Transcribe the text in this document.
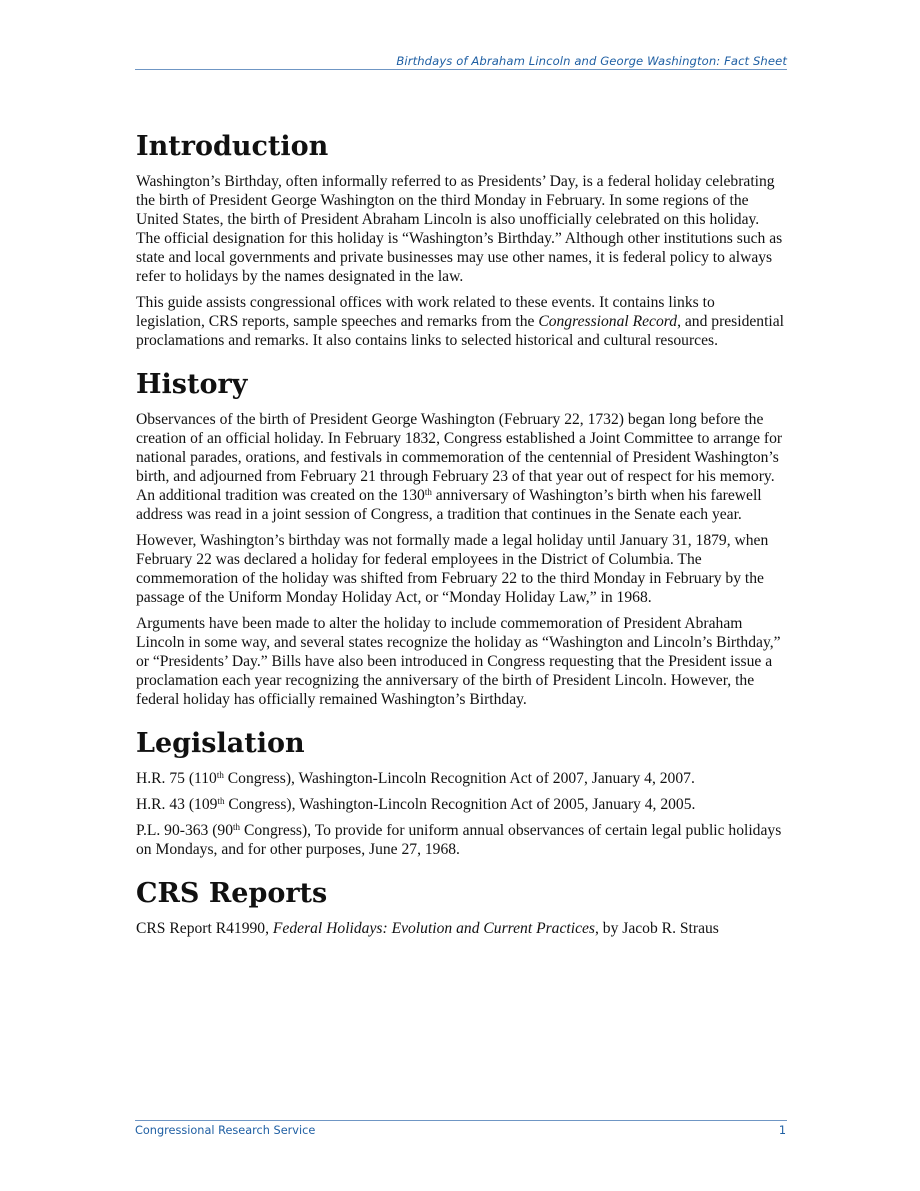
Birthdays of Abraham Lincoln and George Washington: Fact Sheet
Introduction

Washington’s Birthday, often informally referred to as Presidents’ Day, is a federal holiday celebrating the birth of President George Washington on the third Monday in February. In some regions of the United States, the birth of President Abraham Lincoln is also unofficially celebrated on this holiday. The official designation for this holiday is “Washington’s Birthday.” Although other institutions such as state and local governments and private businesses may use other names, it is federal policy to always refer to holidays by the names designated in the law.

This guide assists congressional offices with work related to these events. It contains links to legislation, CRS reports, sample speeches and remarks from the Congressional Record, and presidential proclamations and remarks. It also contains links to selected historical and cultural resources.

History

Observances of the birth of President George Washington (February 22, 1732) began long before the creation of an official holiday. In February 1832, Congress established a Joint Committee to arrange for national parades, orations, and festivals in commemoration of the centennial of President Washington’s birth, and adjourned from February 21 through February 23 of that year out of respect for his memory. An additional tradition was created on the 130th anniversary of Washington’s birth when his farewell address was read in a joint session of Congress, a tradition that continues in the Senate each year.

However, Washington’s birthday was not formally made a legal holiday until January 31, 1879, when February 22 was declared a holiday for federal employees in the District of Columbia. The commemoration of the holiday was shifted from February 22 to the third Monday in February by the passage of the Uniform Monday Holiday Act, or “Monday Holiday Law,” in 1968.

Arguments have been made to alter the holiday to include commemoration of President Abraham Lincoln in some way, and several states recognize the holiday as “Washington and Lincoln’s Birthday,” or “Presidents’ Day.” Bills have also been introduced in Congress requesting that the President issue a proclamation each year recognizing the anniversary of the birth of President Lincoln. However, the federal holiday has officially remained Washington’s Birthday.

Legislation

H.R. 75 (110th Congress), Washington-Lincoln Recognition Act of 2007, January 4, 2007.

H.R. 43 (109th Congress), Washington-Lincoln Recognition Act of 2005, January 4, 2005.

P.L. 90-363 (90th Congress), To provide for uniform annual observances of certain legal public holidays on Mondays, and for other purposes, June 27, 1968.

CRS Reports

CRS Report R41990, Federal Holidays: Evolution and Current Practices, by Jacob R. Straus

Congressional Research Service	1
